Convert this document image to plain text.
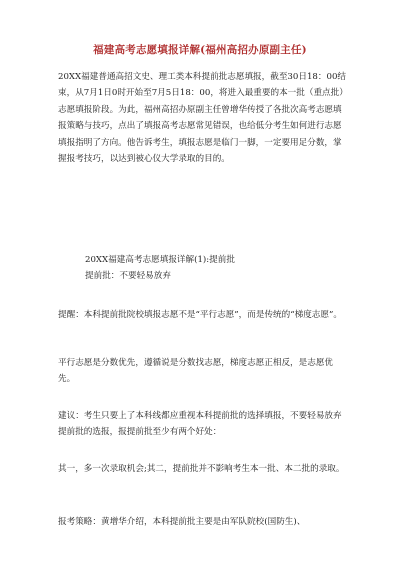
福建高考志愿填报详解(福州高招办原副主任)

20XX福建普通高招文史、理工类本科提前批志愿填报，截至30日18：00结束，从7月1日0时开始至7月5日18：00，将进入最重要的本一批（重点批）志愿填报阶段。为此，福州高招办原副主任曾增华传授了各批次高考志愿填报策略与技巧，点出了填报高考志愿常见错误，也给低分考生如何进行志愿填报指明了方向。他告诉考生，填报志愿是临门一脚，一定要用足分数，掌握报考技巧，以达到被心仪大学录取的目的。

20XX福建高考志愿填报详解(1):提前批

提前批：不要轻易放弃

提醒：本科提前批院校填报志愿不是“平行志愿”，而是传统的“梯度志愿”。

平行志愿是分数优先，遵循说是分数找志愿，梯度志愿正相反，是志愿优先。

建议：考生只要上了本科线都应重视本科提前批的选择填报，不要轻易放弃提前批的选报，报提前批至少有两个好处：

其一，多一次录取机会;其二，提前批并不影响考生本一批、本二批的录取。

报考策略：黄增华介绍，本科提前批主要是由军队院校(国防生)、
